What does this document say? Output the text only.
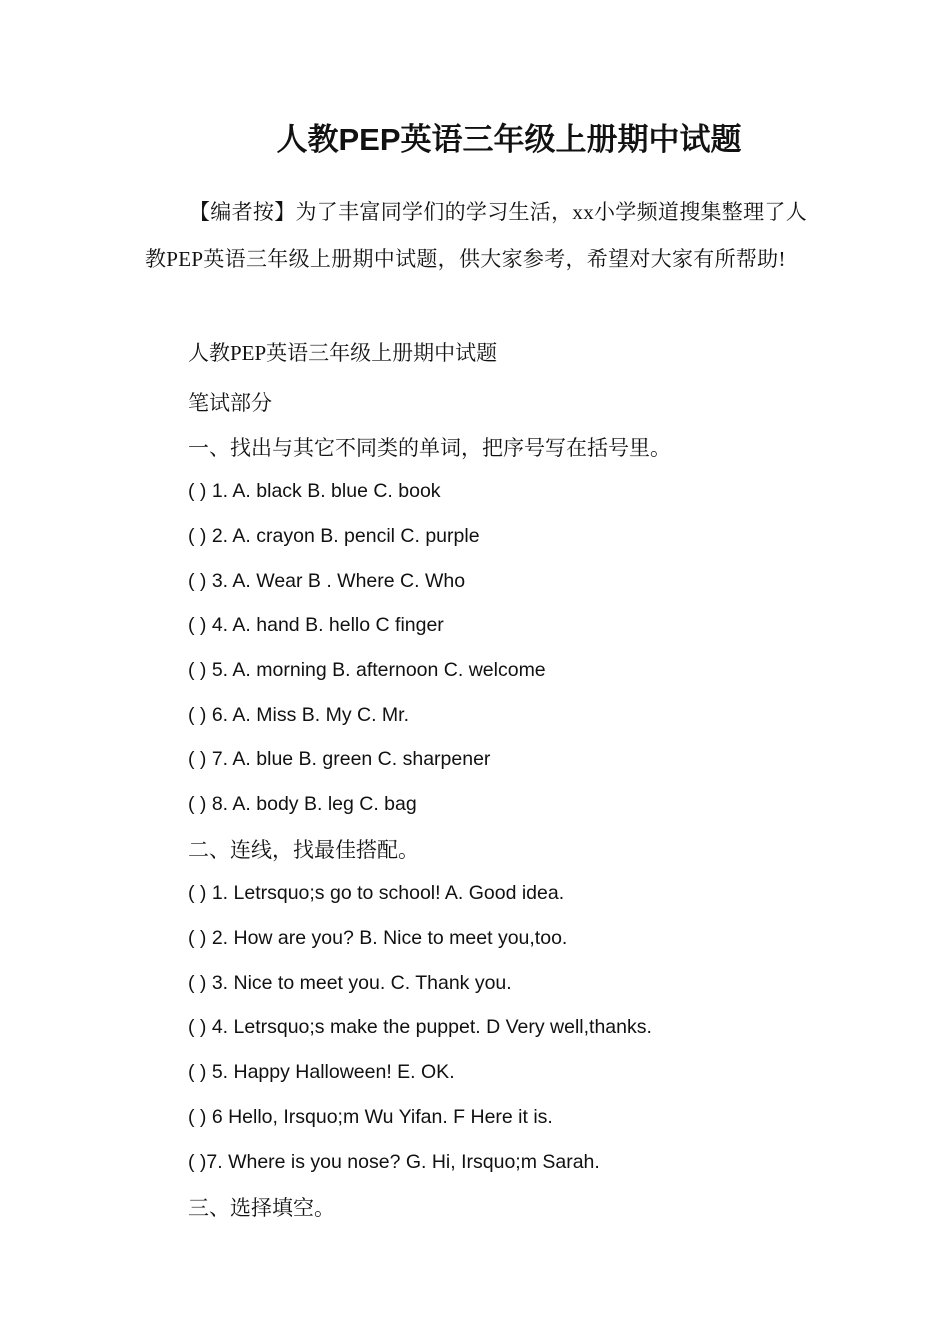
人教PEP英语三年级上册期中试题

【编者按】为了丰富同学们的学习生活，xx小学频道搜集整理了人教PEP英语三年级上册期中试题，供大家参考，希望对大家有所帮助!

人教PEP英语三年级上册期中试题

笔试部分

一、找出与其它不同类的单词，把序号写在括号里。

( ) 1. A. black B. blue C. book

( ) 2. A. crayon B. pencil C. purple

( ) 3. A. Wear B . Where C. Who

( ) 4. A. hand B. hello C finger

( ) 5. A. morning B. afternoon C. welcome

( ) 6. A. Miss B. My C. Mr.

( ) 7. A. blue B. green C. sharpener

( ) 8. A. body B. leg C. bag

二、连线，找最佳搭配。

( ) 1. Letrsquo;s go to school! A. Good idea.

( ) 2. How are you? B. Nice to meet you,too.

( ) 3. Nice to meet you. C. Thank you.

( ) 4. Letrsquo;s make the puppet. D Very well,thanks.

( ) 5. Happy Halloween! E. OK.

( ) 6 Hello, Irsquo;m Wu Yifan. F Here it is.

( )7. Where is you nose? G. Hi, Irsquo;m Sarah.

三、选择填空。
